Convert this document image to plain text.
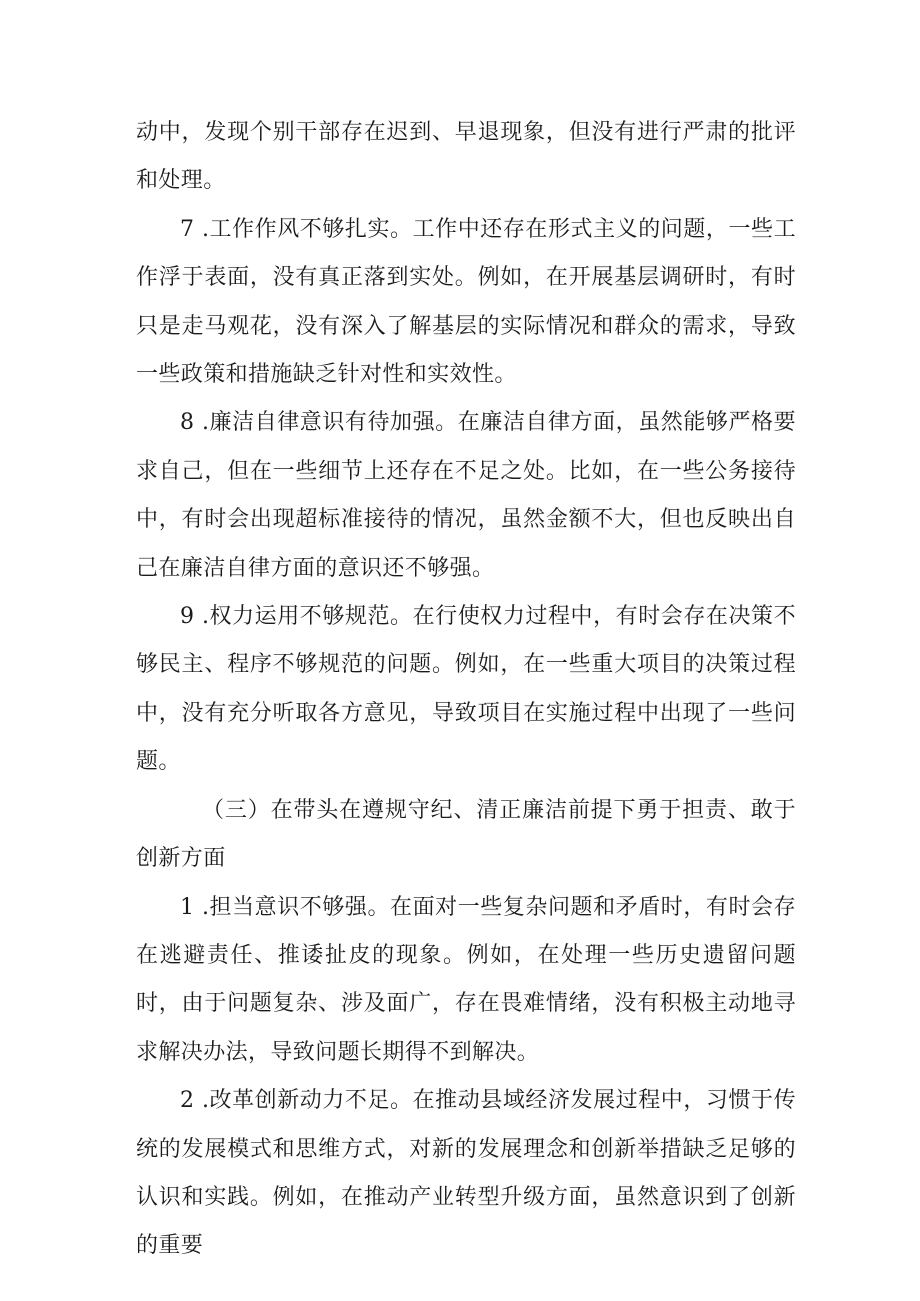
动中，发现个别干部存在迟到、早退现象，但没有进行严肃的批评和处理。

7 .工作作风不够扎实。工作中还存在形式主义的问题，一些工作浮于表面，没有真正落到实处。例如，在开展基层调研时，有时只是走马观花，没有深入了解基层的实际情况和群众的需求，导致一些政策和措施缺乏针对性和实效性。

8 .廉洁自律意识有待加强。在廉洁自律方面，虽然能够严格要求自己，但在一些细节上还存在不足之处。比如，在一些公务接待中，有时会出现超标准接待的情况，虽然金额不大，但也反映出自己在廉洁自律方面的意识还不够强。

9 .权力运用不够规范。在行使权力过程中，有时会存在决策不够民主、程序不够规范的问题。例如，在一些重大项目的决策过程中，没有充分听取各方意见，导致项目在实施过程中出现了一些问题。

（三）在带头在遵规守纪、清正廉洁前提下勇于担责、敢于创新方面

1 .担当意识不够强。在面对一些复杂问题和矛盾时，有时会存在逃避责任、推诿扯皮的现象。例如，在处理一些历史遗留问题时，由于问题复杂、涉及面广，存在畏难情绪，没有积极主动地寻求解决办法，导致问题长期得不到解决。

2 .改革创新动力不足。在推动县域经济发展过程中，习惯于传统的发展模式和思维方式，对新的发展理念和创新举措缺乏足够的认识和实践。例如，在推动产业转型升级方面，虽然意识到了创新的重要
